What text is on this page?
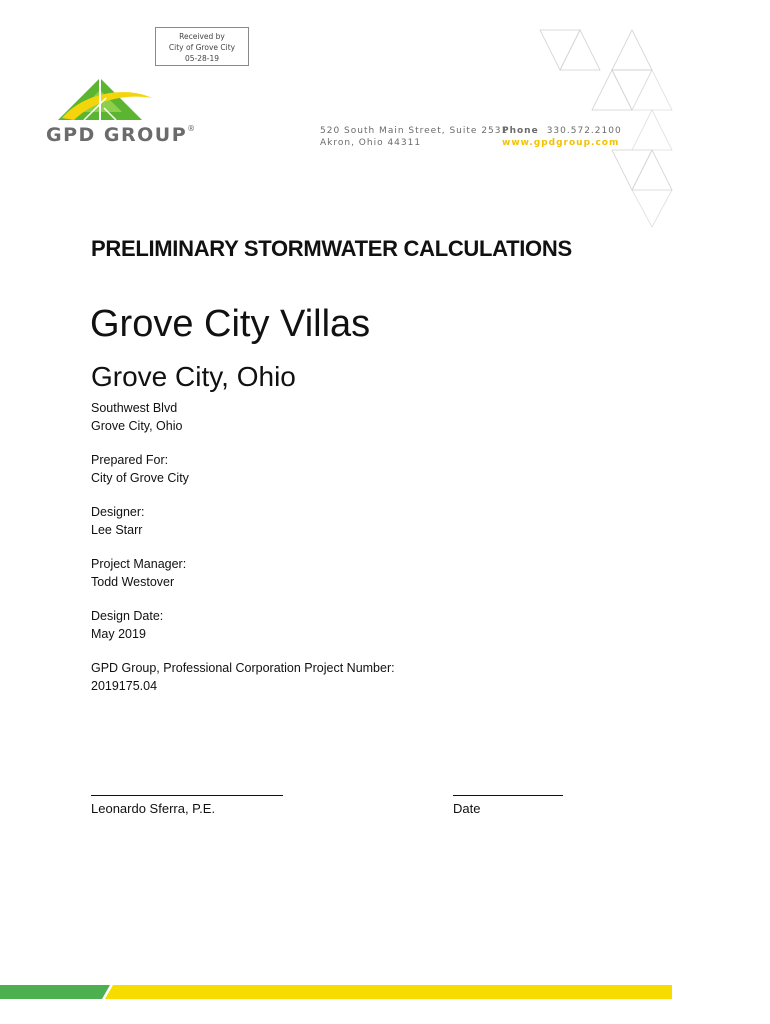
Received by
City of Grove City
05-28-19
GPD GROUP®	520 South Main Street, Suite 2531
Akron, Ohio 44311
Phone 330.572.2100
www.gpdgroup.com
PRELIMINARY STORMWATER CALCULATIONS
Grove City Villas
Grove City, Ohio
Southwest Blvd
Grove City, Ohio
Prepared For:
City of Grove City
Designer:
Lee Starr
Project Manager:
Todd Westover
Design Date:
May 2019
GPD Group, Professional Corporation Project Number:
2019175.04
Leonardo Sferra, P.E.	Date
